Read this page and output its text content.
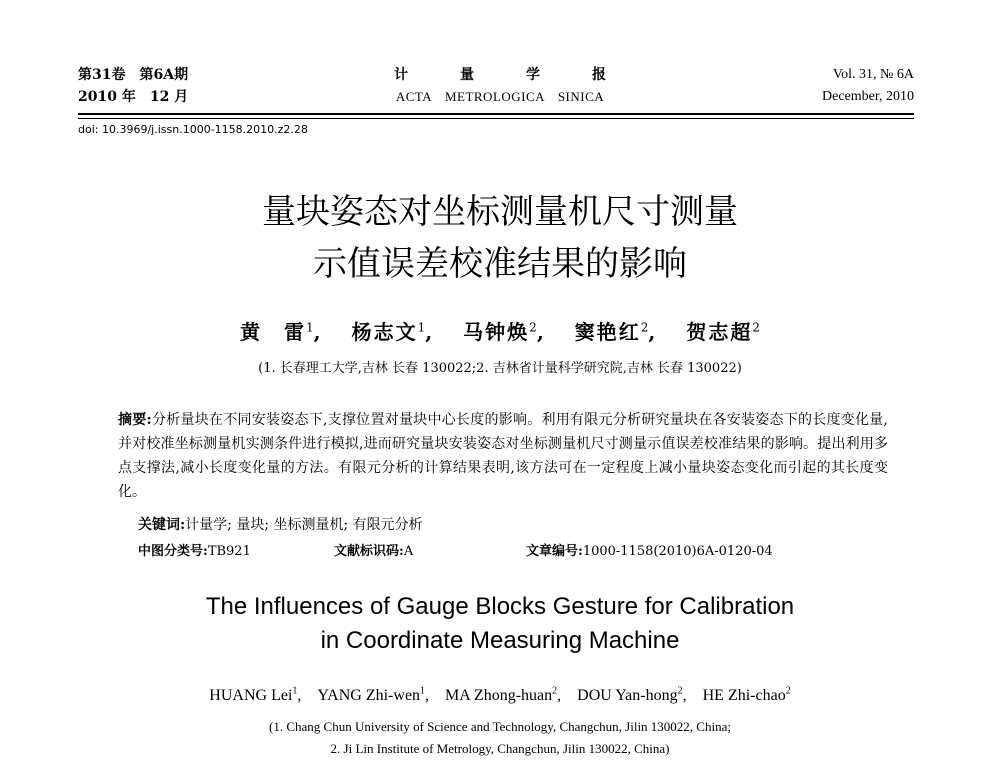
第31卷　第6A期
2010 年　12 月
计	量	学	报
ACTA　METROLOGICA　SINICA
Vol. 31, № 6A
December, 2010
doi: 10.3969/j.issn.1000-1158.2010.z2.28
量块姿态对坐标测量机尺寸测量
示值误差校准结果的影响
黄　雷$^1$, 杨志文$^1$, 马钟焕$^2$, 窦艳红$^2$, 贺志超$^2$
(1. 长春理工大学,吉林 长春 130022;2. 吉林省计量科学研究院,吉林 长春 130022)
摘要:分析量块在不同安装姿态下,支撑位置对量块中心长度的影响。利用有限元分析研究量块在各安装姿态下的长度变化量,并对校准坐标测量机实测条件进行模拟,进而研究量块安装姿态对坐标测量机尺寸测量示值误差校准结果的影响。提出利用多点支撑法,减小长度变化量的方法。有限元分析的计算结果表明,该方法可在一定程度上减小量块姿态变化而引起的其长度变化。
关键词:计量学; 量块; 坐标测量机; 有限元分析
中图分类号:TB921	文献标识码:A	文章编号:1000-1158(2010)6A-0120-04
The Influences of Gauge Blocks Gesture for Calibration
in Coordinate Measuring Machine
HUANG Lei$^1$, YANG Zhi-wen$^1$, MA Zhong-huan$^2$, DOU Yan-hong$^2$, HE Zhi-chao$^2$
(1. Chang Chun University of Science and Technology, Changchun, Jilin 130022, China;
2. Ji Lin Institute of Metrology, Changchun, Jilin 130022, China)
